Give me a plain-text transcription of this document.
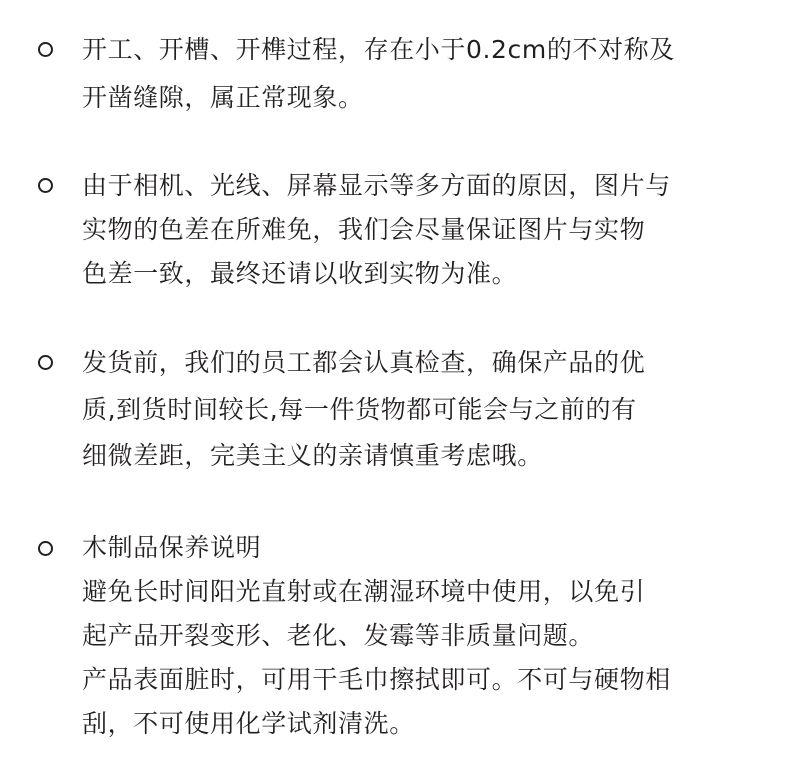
开工、开槽、开榫过程，存在小于0.2cm的不对称及
开凿缝隙，属正常现象。
由于相机、光线、屏幕显示等多方面的原因，图片与
实物的色差在所难免，我们会尽量保证图片与实物
色差一致，最终还请以收到实物为准。
发货前，我们的员工都会认真检查，确保产品的优
质,到货时间较长,每一件货物都可能会与之前的有
细微差距，完美主义的亲请慎重考虑哦。
木制品保养说明
避免长时间阳光直射或在潮湿环境中使用，以免引
起产品开裂变形、老化、发霉等非质量问题。
产品表面脏时，可用干毛巾擦拭即可。不可与硬物相
刮，不可使用化学试剂清洗。
